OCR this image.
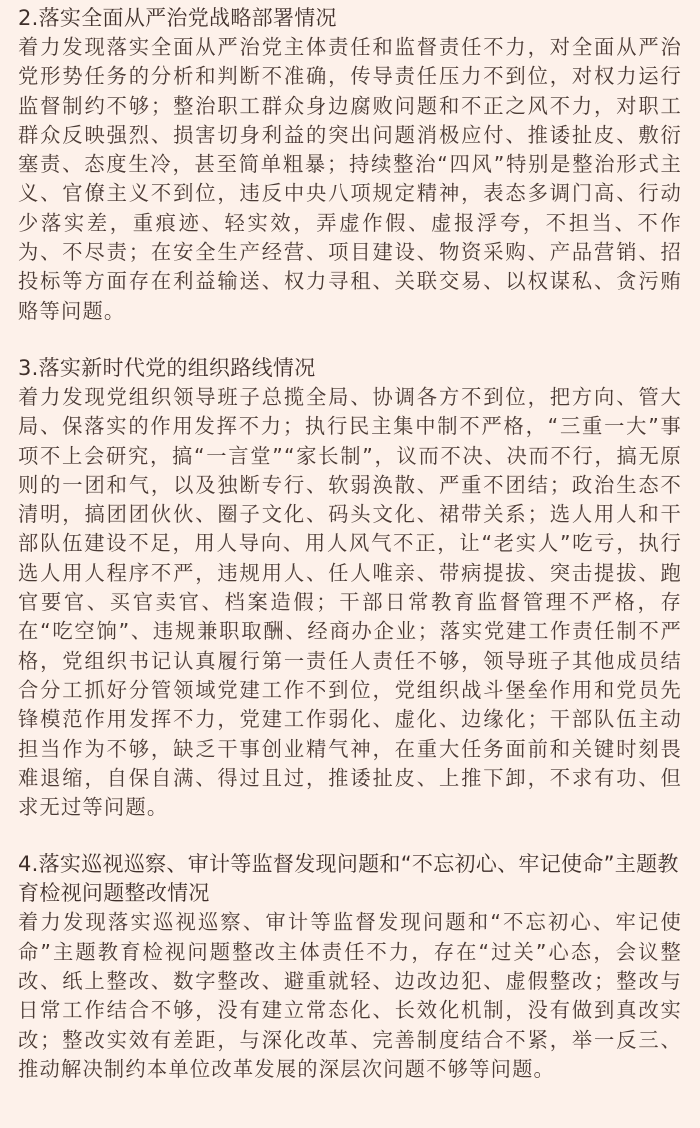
2.落实全面从严治党战略部署情况

着力发现落实全面从严治党主体责任和监督责任不力，对全面从严治党形势任务的分析和判断不准确，传导责任压力不到位，对权力运行监督制约不够；整治职工群众身边腐败问题和不正之风不力，对职工群众反映强烈、损害切身利益的突出问题消极应付、推诿扯皮、敷衍塞责、态度生冷，甚至简单粗暴；持续整治“四风”特别是整治形式主义、官僚主义不到位，违反中央八项规定精神，表态多调门高、行动少落实差，重痕迹、轻实效，弄虚作假、虚报浮夸，不担当、不作为、不尽责；在安全生产经营、项目建设、物资采购、产品营销、招投标等方面存在利益输送、权力寻租、关联交易、以权谋私、贪污贿赂等问题。

3.落实新时代党的组织路线情况

着力发现党组织领导班子总揽全局、协调各方不到位，把方向、管大局、保落实的作用发挥不力；执行民主集中制不严格，“三重一大”事项不上会研究，搞“一言堂”“家长制”，议而不决、决而不行，搞无原则的一团和气，以及独断专行、软弱涣散、严重不团结；政治生态不清明，搞团团伙伙、圈子文化、码头文化、裙带关系；选人用人和干部队伍建设不足，用人导向、用人风气不正，让“老实人”吃亏，执行选人用人程序不严，违规用人、任人唯亲、带病提拔、突击提拔、跑官要官、买官卖官、档案造假；干部日常教育监督管理不严格，存在“吃空饷”、违规兼职取酬、经商办企业；落实党建工作责任制不严格，党组织书记认真履行第一责任人责任不够，领导班子其他成员结合分工抓好分管领域党建工作不到位，党组织战斗堡垒作用和党员先锋模范作用发挥不力，党建工作弱化、虚化、边缘化；干部队伍主动担当作为不够，缺乏干事创业精气神，在重大任务面前和关键时刻畏难退缩，自保自满、得过且过，推诿扯皮、上推下卸，不求有功、但求无过等问题。

4.落实巡视巡察、审计等监督发现问题和“不忘初心、牢记使命”主题教育检视问题整改情况

着力发现落实巡视巡察、审计等监督发现问题和“不忘初心、牢记使命”主题教育检视问题整改主体责任不力，存在“过关”心态，会议整改、纸上整改、数字整改、避重就轻、边改边犯、虚假整改；整改与日常工作结合不够，没有建立常态化、长效化机制，没有做到真改实改；整改实效有差距，与深化改革、完善制度结合不紧，举一反三、推动解决制约本单位改革发展的深层次问题不够等问题。
